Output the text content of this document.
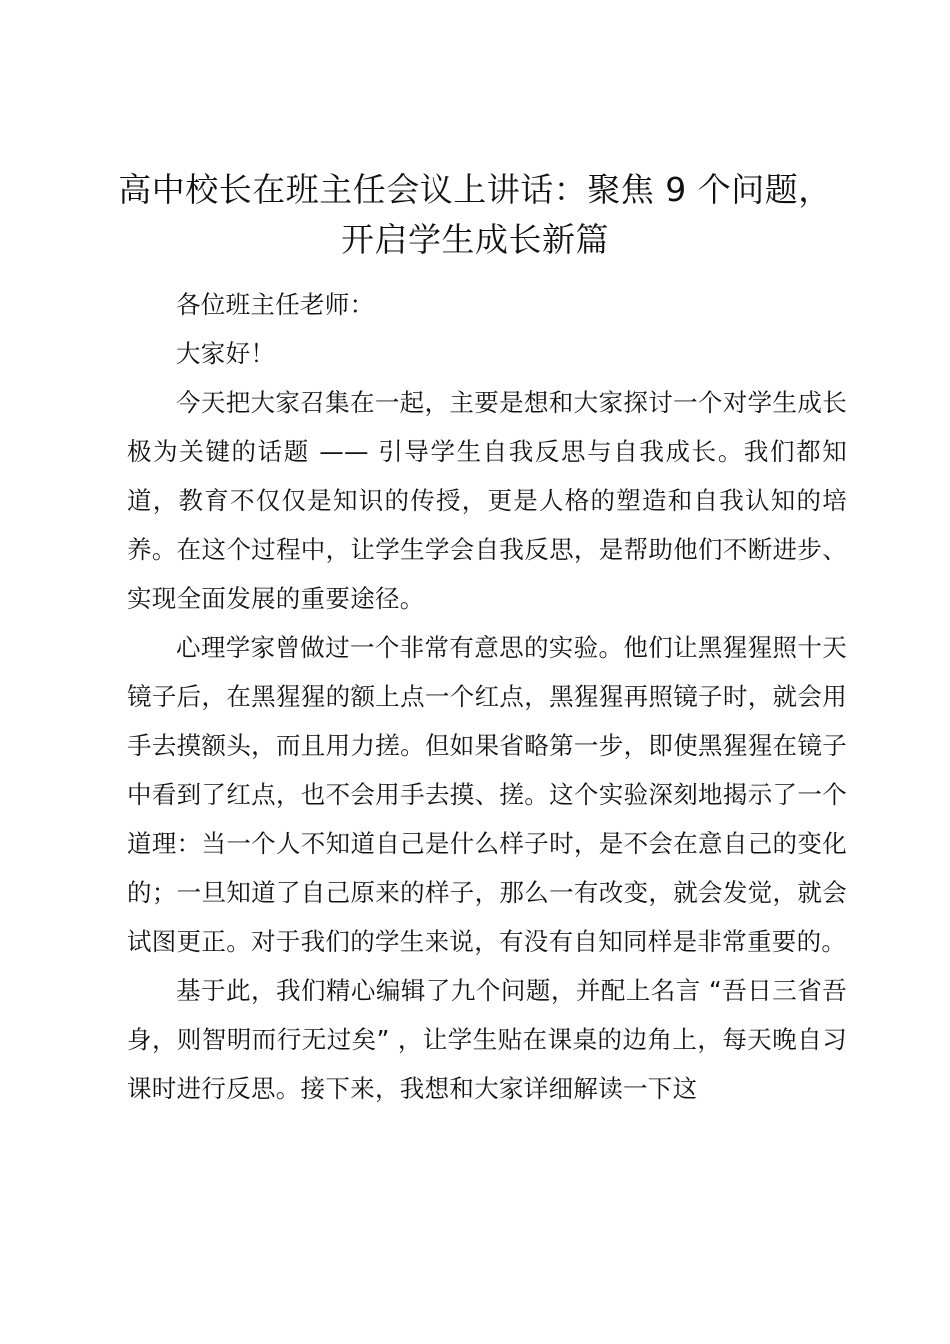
高中校长在班主任会议上讲话：聚焦 9 个问题，
开启学生成长新篇

各位班主任老师：

大家好！

今天把大家召集在一起，主要是想和大家探讨一个对学生成长极为关键的话题 —— 引导学生自我反思与自我成长。我们都知道，教育不仅仅是知识的传授，更是人格的塑造和自我认知的培养。在这个过程中，让学生学会自我反思，是帮助他们不断进步、实现全面发展的重要途径。

心理学家曾做过一个非常有意思的实验。他们让黑猩猩照十天镜子后，在黑猩猩的额上点一个红点，黑猩猩再照镜子时，就会用手去摸额头，而且用力搓。但如果省略第一步，即使黑猩猩在镜子中看到了红点，也不会用手去摸、搓。这个实验深刻地揭示了一个道理：当一个人不知道自己是什么样子时，是不会在意自己的变化的；一旦知道了自己原来的样子，那么一有改变，就会发觉，就会试图更正。对于我们的学生来说，有没有自知同样是非常重要的。

基于此，我们精心编辑了九个问题，并配上名言 “吾日三省吾身，则智明而行无过矣” ，让学生贴在课桌的边角上，每天晚自习课时进行反思。接下来，我想和大家详细解读一下这
